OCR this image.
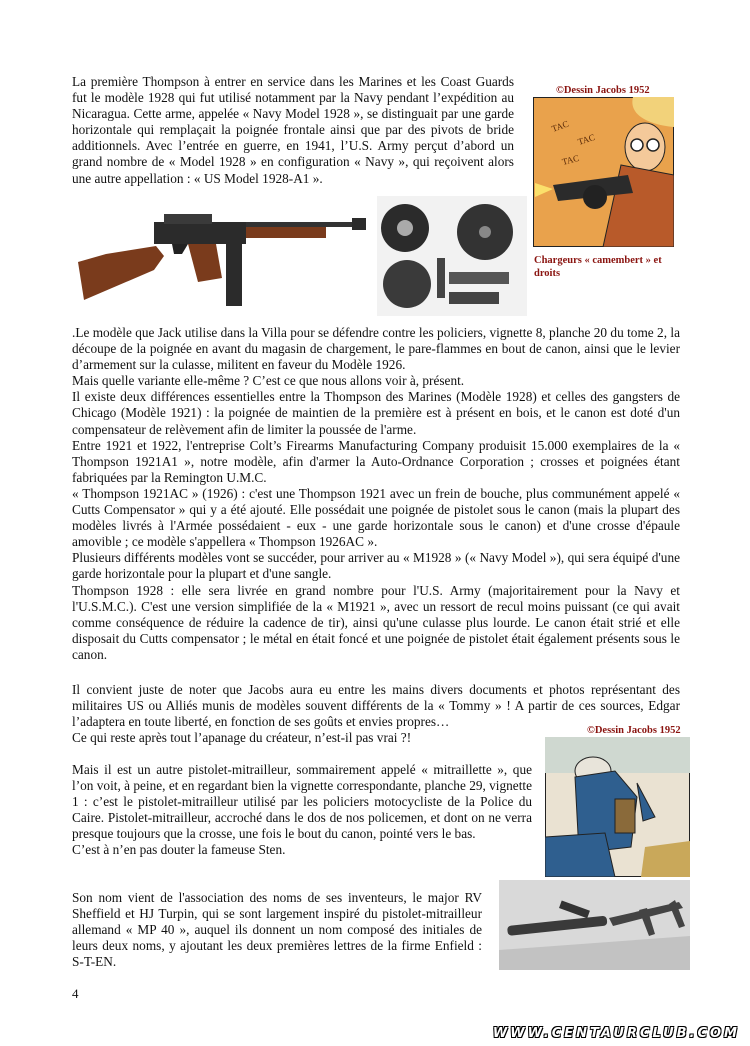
La première Thompson à entrer en service dans les Marines et les Coast Guards fut le modèle 1928 qui fut utilisé notamment par la Navy pendant l’expédition au Nicaragua. Cette arme, appelée « Navy Model 1928 », se distinguait par une garde horizontale qui remplaçait la poignée frontale ainsi que par des pivots de bride additionnels. Avec l’entrée en guerre, en 1941, l’U.S. Army perçut d’abord un grand nombre de « Model 1928 » en configuration « Navy », qui reçoivent alors une autre appellation : « US Model 1928-A1 ».

©Dessin Jacobs 1952
TAC
TAC
TAC
Chargeurs « camembert » et droits

.Le modèle que Jack utilise dans la Villa pour se défendre contre les policiers, vignette 8, planche 20 du tome 2, la découpe de la poignée en avant du magasin de chargement, le pare-flammes en bout de canon, ainsi que le levier d’armement sur la culasse, militent en faveur du Modèle 1926.

Mais quelle variante elle-même ? C’est ce que nous allons voir à, présent.

Il existe deux différences essentielles entre la Thompson des Marines (Modèle 1928) et celles des gangsters de Chicago (Modèle 1921) : la poignée de maintien de la première est à présent en bois, et le canon est doté d'un compensateur de relèvement afin de limiter la poussée de l'arme.

Entre 1921 et 1922, l'entreprise Colt’s Firearms Manufacturing Company produisit 15.000 exemplaires de la « Thompson 1921A1 », notre modèle, afin d'armer la Auto-Ordnance Corporation ; crosses et poignées étant fabriquées par la Remington U.M.C.

« Thompson 1921AC » (1926) : c'est une Thompson 1921 avec un frein de bouche, plus communément appelé « Cutts Compensator » qui y a été ajouté. Elle possédait une poignée de pistolet sous le canon (mais la plupart des modèles livrés à l'Armée possédaient - eux - une garde horizontale sous le canon) et d'une crosse d'épaule amovible ; ce modèle s'appellera « Thompson 1926AC ».

Plusieurs différents modèles vont se succéder, pour arriver au « M1928 » (« Navy Model »), qui sera équipé d'une garde horizontale pour la plupart et d'une sangle.

Thompson 1928 : elle sera livrée en grand nombre pour l'U.S. Army (majoritairement pour la Navy et l'U.S.M.C.). C'est une version simplifiée de la « M1921 », avec un ressort de recul moins puissant (ce qui avait comme conséquence de réduire la cadence de tir), ainsi qu'une culasse plus lourde. Le canon était strié et elle disposait du Cutts compensator ; le métal en était foncé et une poignée de pistolet était également présents sous le canon.

Il convient juste de noter que Jacobs aura eu entre les mains divers documents et photos représentant des militaires US ou Alliés munis de modèles souvent différents de la « Tommy » ! A partir de ces sources, Edgar l’adaptera en toute liberté, en fonction de ses goûts et envies propres…

Ce qui reste après tout l’apanage du créateur, n’est-il pas vrai ?!	©Dessin Jacobs 1952

Mais il est un autre pistolet-mitrailleur, sommairement appelé « mitraillette », que l’on voit, à peine, et en regardant bien la vignette correspondante, planche 29, vignette 1 : c’est le pistolet-mitrailleur utilisé par les policiers motocycliste de la Police du Caire. Pistolet-mitrailleur, accroché dans le dos de nos policemen, et dont on ne verra presque toujours que la crosse, une fois le bout du canon, pointé vers le bas.

C’est à n’en pas douter la fameuse Sten.

Son nom vient de l'association des noms de ses inventeurs, le major RV Sheffield et HJ Turpin, qui se sont largement inspiré du pistolet-mitrailleur allemand « MP 40 », auquel ils donnent un nom composé des initiales de leurs deux noms, y ajoutant les deux premières lettres de la firme Enfield : S-T-EN.

4
WWW.CENTAURCLUB.COM
